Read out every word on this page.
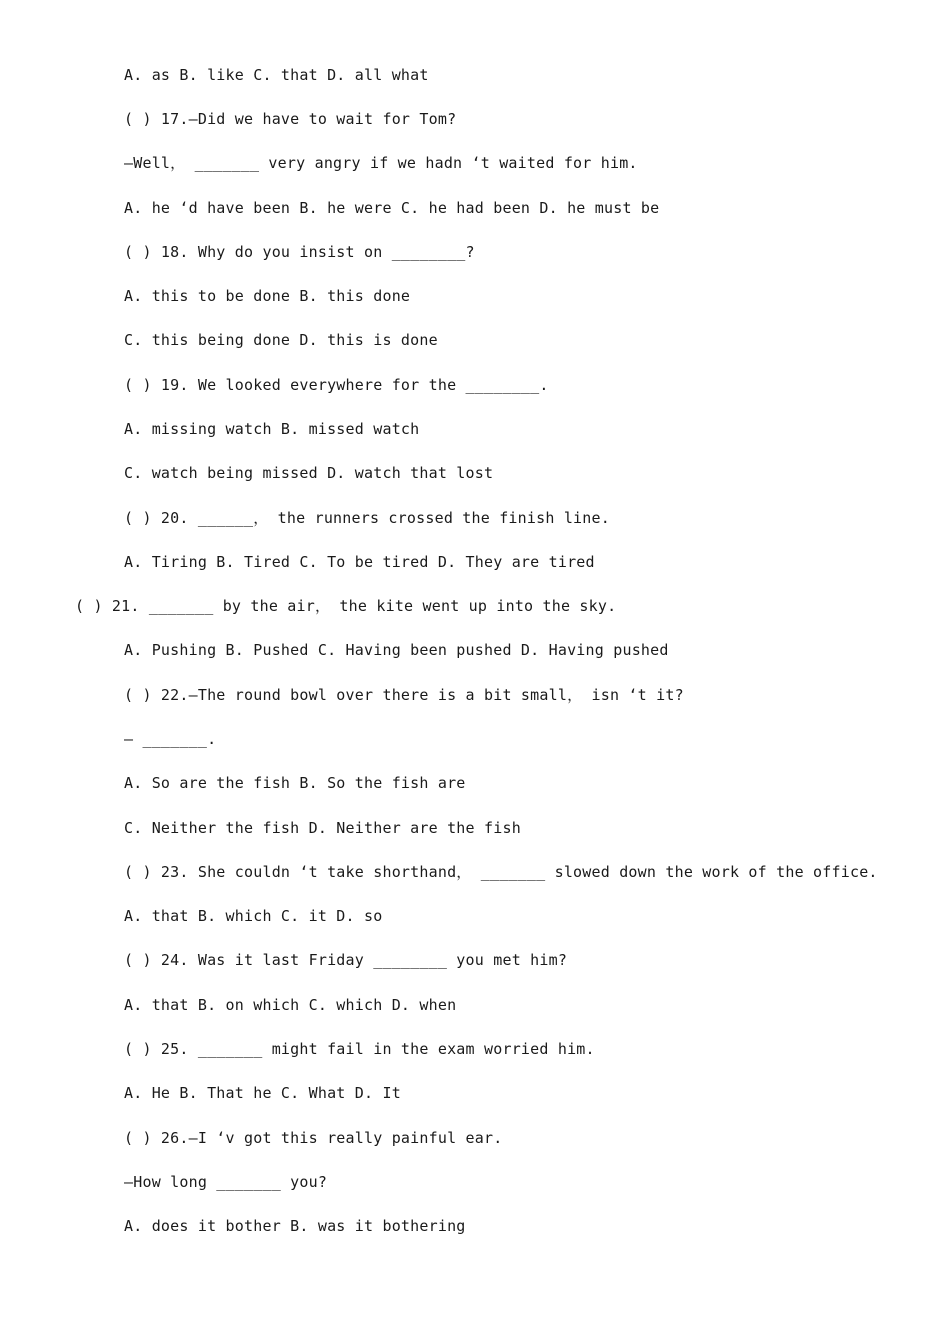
A. as B. like C. that D. all what
( ) 17.—Did we have to wait for Tom?
—Well， _______ very angry if we hadn ‘t waited for him.
A. he ‘d have been B. he were C. he had been D. he must be
( ) 18. Why do you insist on ________?
A. this to be done B. this done
C. this being done D. this is done
( ) 19. We looked everywhere for the ________.
A. missing watch B. missed watch
C. watch being missed D. watch that lost
( ) 20. ______， the runners crossed the finish line.
A. Tiring B. Tired C. To be tired D. They are tired
( ) 21. _______ by the air， the kite went up into the sky.
A. Pushing B. Pushed C. Having been pushed D. Having pushed
( ) 22.—The round bowl over there is a bit small， isn ‘t it?
— _______.
A. So are the fish B. So the fish are
C. Neither the fish D. Neither are the fish
( ) 23. She couldn ‘t take shorthand， _______ slowed down the work of the office.
A. that B. which C. it D. so
( ) 24. Was it last Friday ________ you met him?
A. that B. on which C. which D. when
( ) 25. _______ might fail in the exam worried him.
A. He B. That he C. What D. It
( ) 26.—I ‘v got this really painful ear.
—How long _______ you?
A. does it bother B. was it bothering
